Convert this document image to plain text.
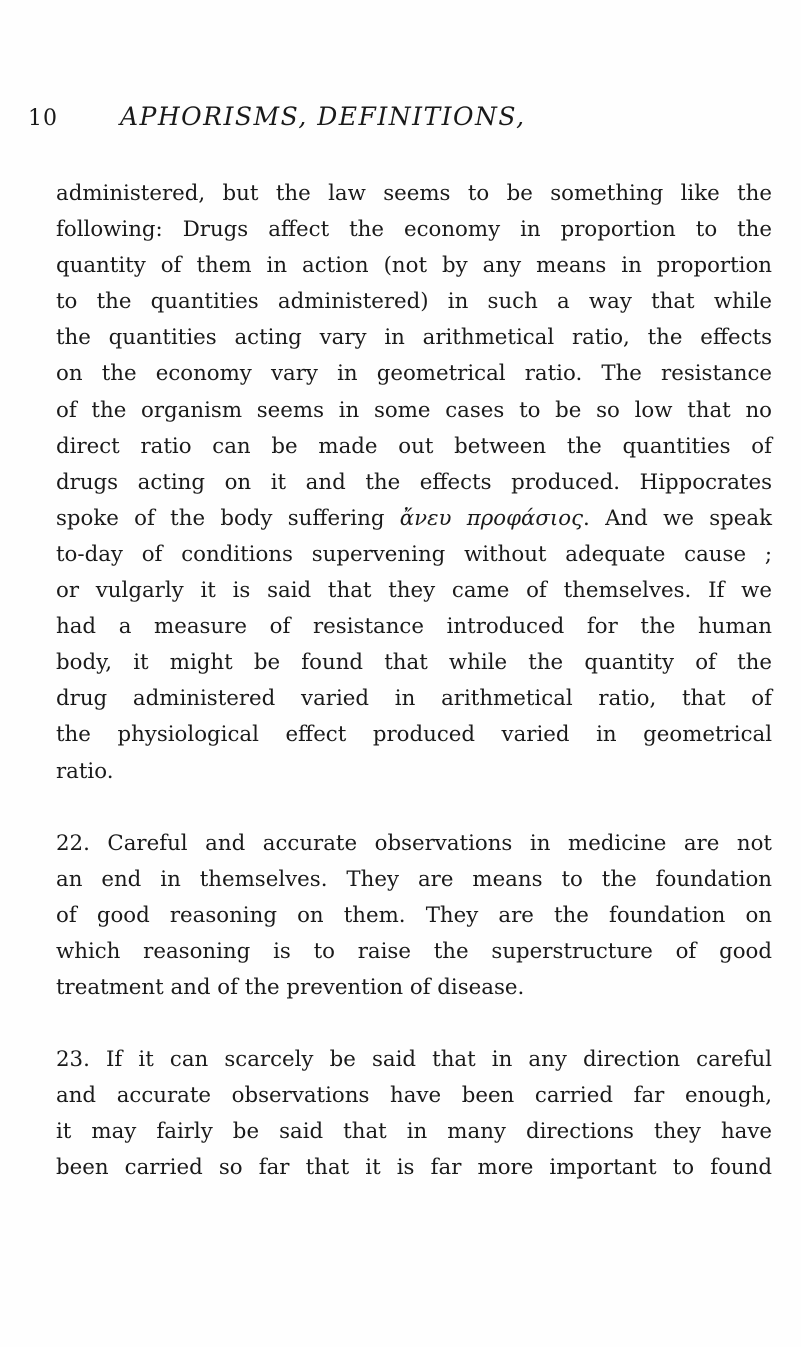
10 APHORISMS, DEFINITIONS,

administered, but the law seems to be something like the

following: Drugs affect the economy in proportion to the

quantity of them in action (not by any means in proportion

to the quantities administered) in such a way that while

the quantities acting vary in arithmetical ratio, the effects

on the economy vary in geometrical ratio. The resistance

of the organism seems in some cases to be so low that no

direct ratio can be made out between the quantities of

drugs acting on it and the effects produced. Hippocrates

spoke of the body suffering ἄνευ προφάσιος. And we speak

to-day of conditions supervening without adequate cause ;

or vulgarly it is said that they came of themselves. If we

had a measure of resistance introduced for the human

body, it might be found that while the quantity of the

drug administered varied in arithmetical ratio, that of

the physiological effect produced varied in geometrical

ratio.

22. Careful and accurate observations in medicine are not

an end in themselves. They are means to the foundation

of good reasoning on them. They are the foundation on

which reasoning is to raise the superstructure of good

treatment and of the prevention of disease.

23. If it can scarcely be said that in any direction careful

and accurate observations have been carried far enough,

it may fairly be said that in many directions they have

been carried so far that it is far more important to found
